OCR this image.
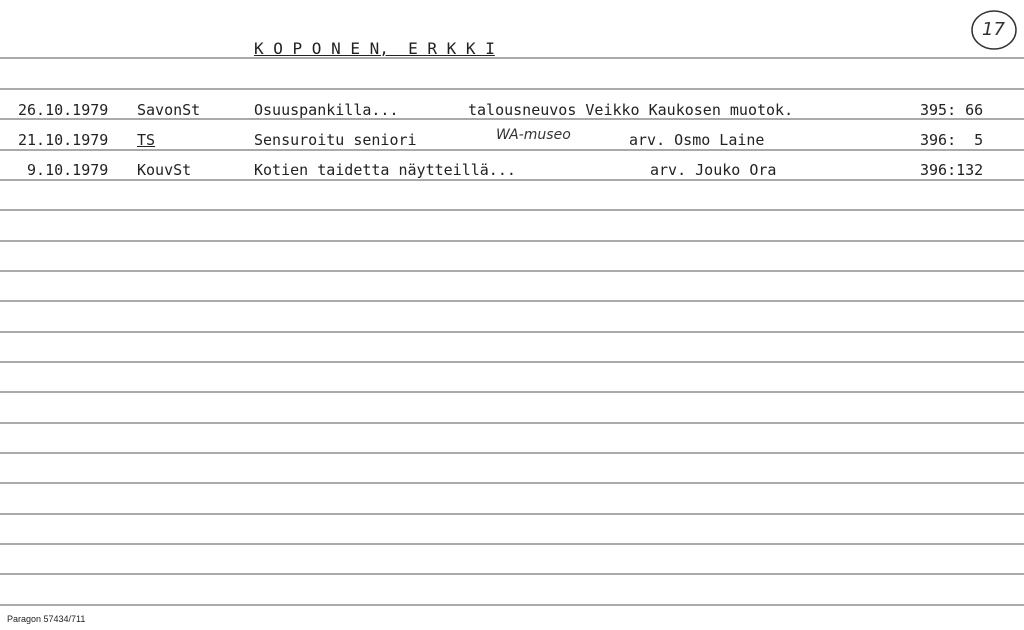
K O P O N E N,  E R K K I
17
26.10.1979 SavonSt	Osuuspankilla...	talousneuvos Veikko Kaukosen muotok.	395: 66
21.10.1979 TS	Sensuroitu seniori	WA-museo	arv. Osmo Laine	396:  5
9.10.1979 KouvSt	Kotien taidetta näytteillä...	arv. Jouko Ora	396:132
Paragon 57434/711
